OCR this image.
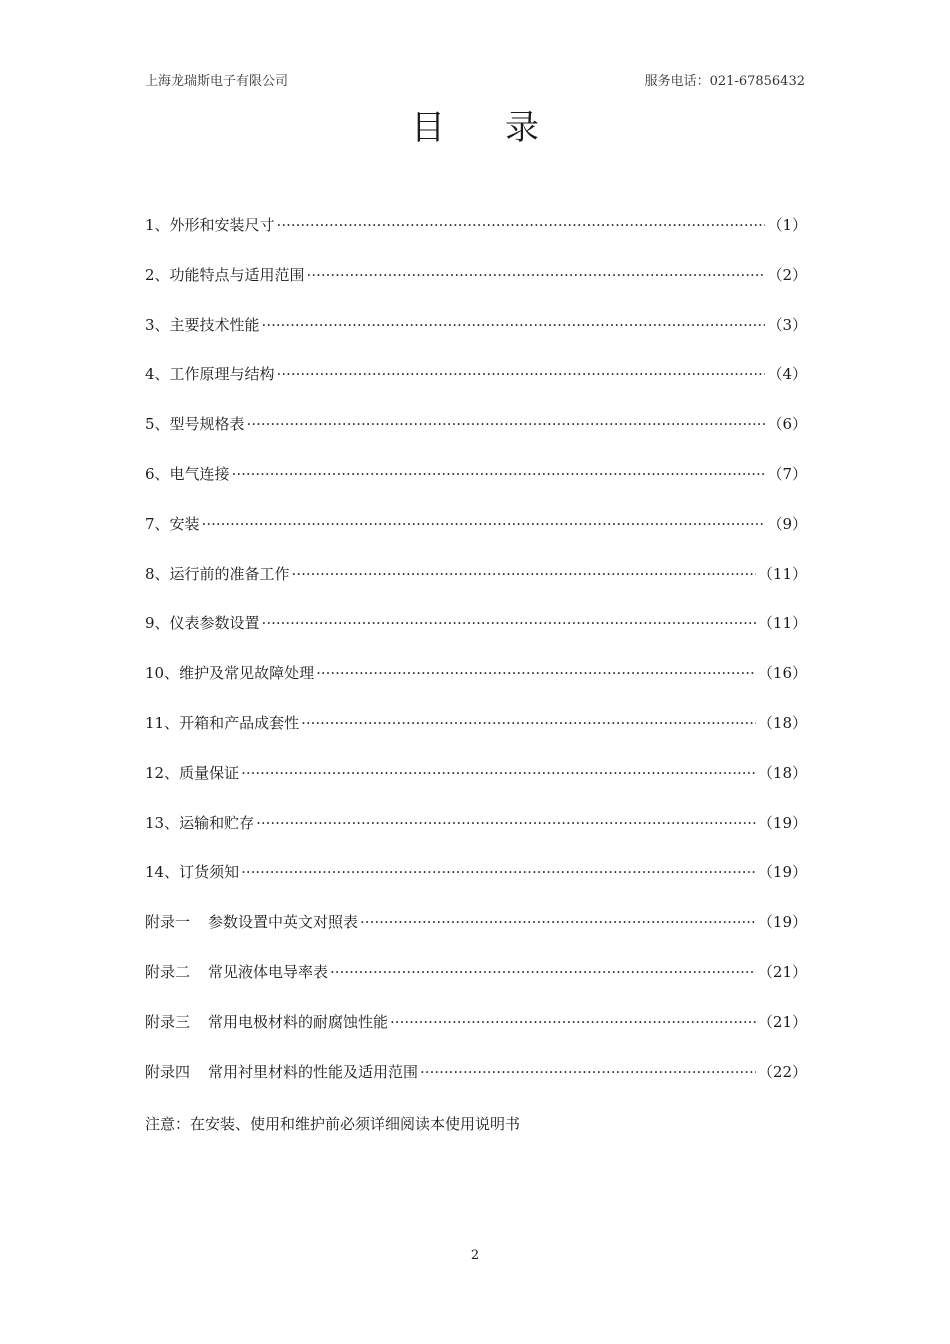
上海龙瑞斯电子有限公司	服务电话：021-67856432
目 录
1、外形和安装尺寸 ·····	（1）
2、功能特点与适用范围 ·····	（2）
3、主要技术性能 ·····	（3）
4、工作原理与结构 ·····	（4）
5、型号规格表 ·····	（6）
6、电气连接 ·····	（7）
7、安装 ·····	（9）
8、运行前的准备工作 ·····	（11）
9、仪表参数设置 ·····	（11）
10、维护及常见故障处理 ·····	（16）
11、开箱和产品成套性 ·····	（18）
12、质量保证 ·····	（18）
13、运输和贮存 ·····	（19）
14、订货须知 ·····	（19）
附录一 参数设置中英文对照表 ·····	（19）
附录二 常见液体电导率表 ·····	（21）
附录三 常用电极材料的耐腐蚀性能 ·····	（21）
附录四 常用衬里材料的性能及适用范围 ·····	（22）
注意：在安装、使用和维护前必须详细阅读本使用说明书
2
